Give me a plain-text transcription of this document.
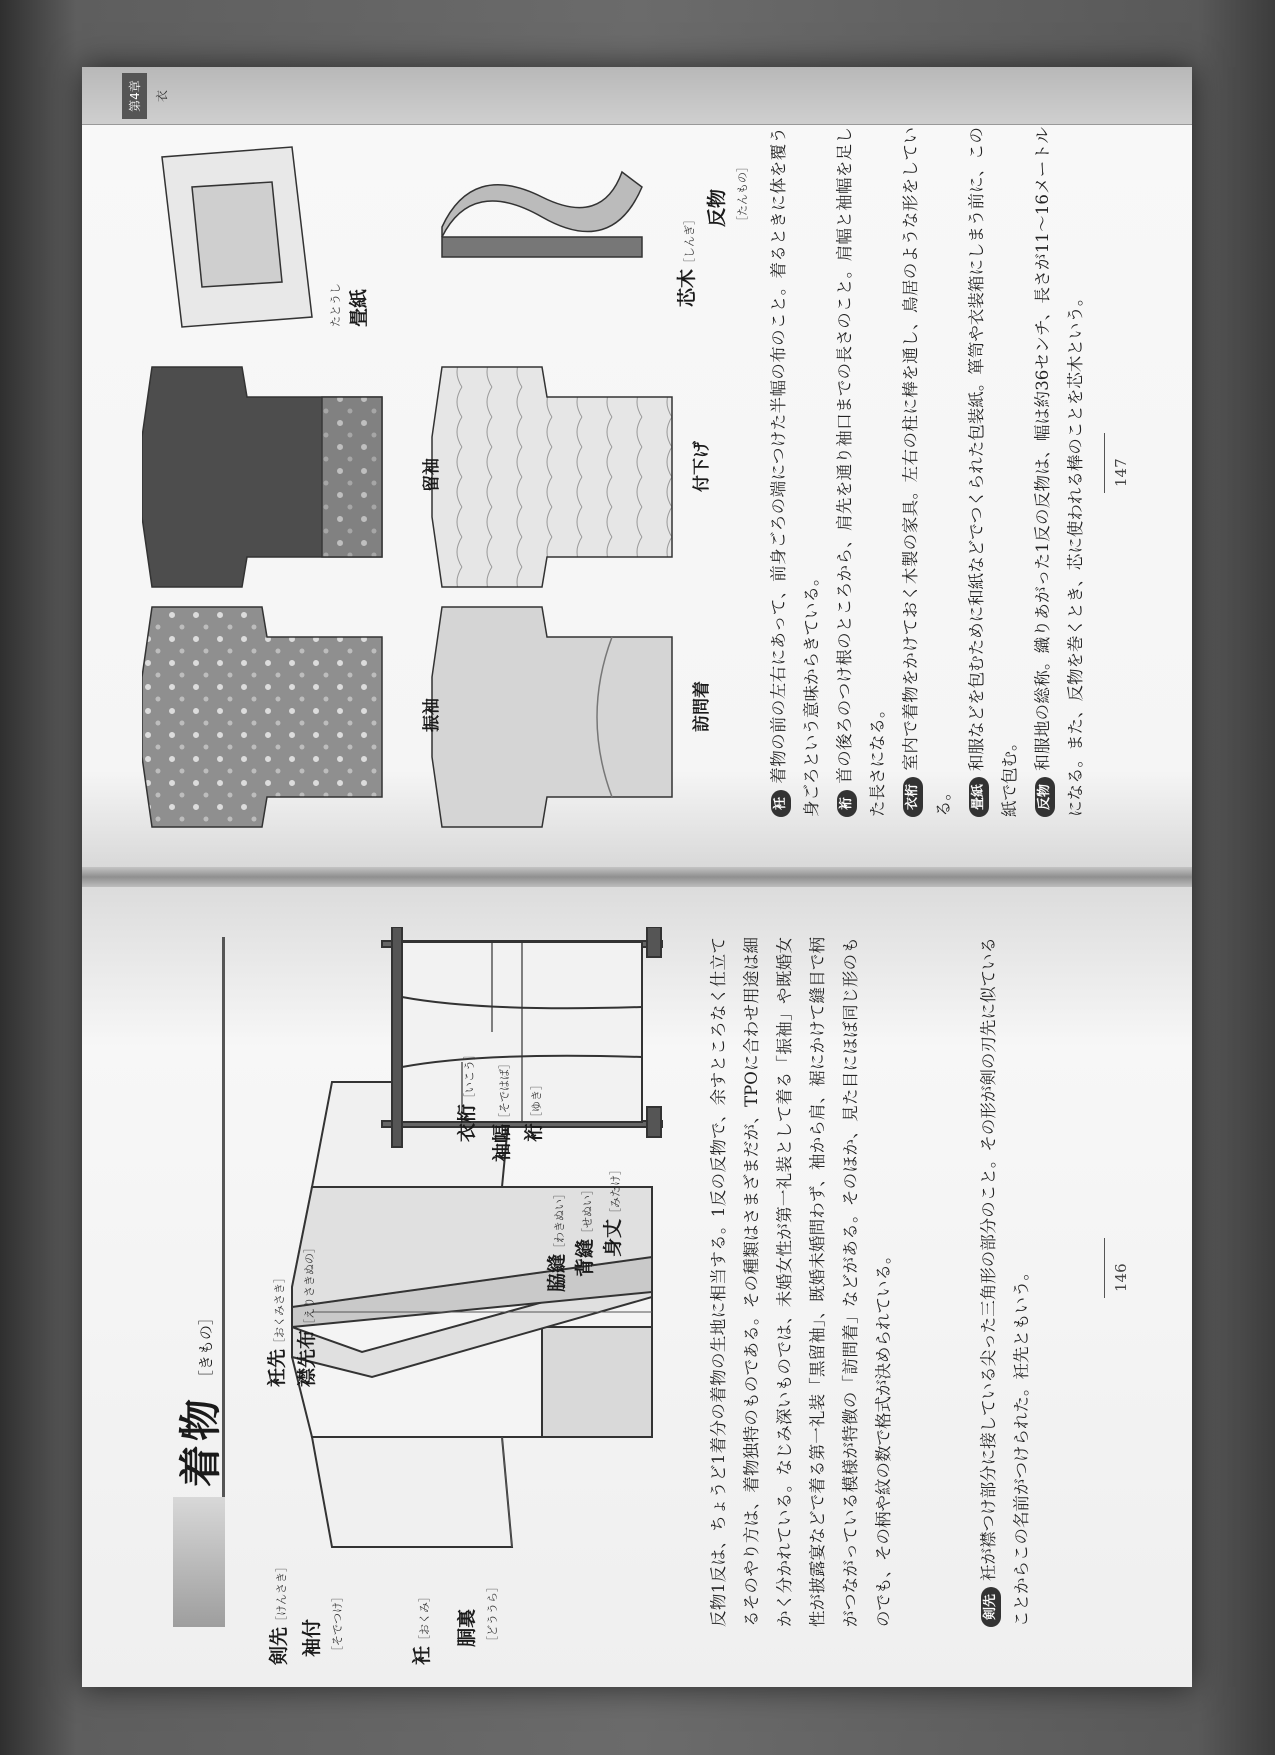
着物
［きもの］
剣先［けんさき］
袖付 ［そでつけ］	衽［おくみ］ 胴裏 ［どううら］
衽先［おくみさき］
襟先布［えりさきぬの］	脇縫［わきぬい］
背縫［せぬい］ 身丈［みたけ］
衣桁［いこう］
袖幅［そではば］
裄［ゆき］	反物1反は、ちょうど1着分の着物の生地に相当する。1反の反物で、余すところなく仕立てるそのやり方は、着物独特のものである。その種類はさまざまだが、TPOに合わせ用途は細かく分かれている。なじみ深いものでは、未婚女性が第一礼装として着る「振袖」や既婚女性が披露宴などで着る第一礼装「黒留袖」、既婚未婚問わず、袖から肩、裾にかけて縫目で柄がつながっている模様が特徴の「訪問着」などがある。そのほか、見た目にほぼ同じ形のものでも、その柄や紋の数で格式が決められている。	剣先衽が襟つけ部分に接している尖った三角形の部分のこと。その形が剣の刃先に似ていることからこの名前がつけられた。衽先ともいう。	146
第4章	衣
振袖
留袖
たとうし 畳紙
芯木［しんぎ］
反物 ［たんもの］
衽着物の前の左右にあって、前身ごろの端につけた半幅の布のこと。着るときに体を覆う身ごろという意味からきている。	裄首の後ろのつけ根のところから、肩先を通り袖口までの長さのこと。肩幅と袖幅を足した長さになる。	衣桁室内で着物をかけておく木製の家具。左右の柱に棒を通し、鳥居のような形をしている。	畳紙和服などを包むために和紙などでつくられた包装紙。箪笥や衣装箱にしまう前に、この紙で包む。	反物和服地の総称。織りあがった1反の反物は、幅は約36センチ、長さが11～16メートルになる。また、反物を巻くとき、芯に使われる棒のことを芯木という。
訪問着
付下げ	147
